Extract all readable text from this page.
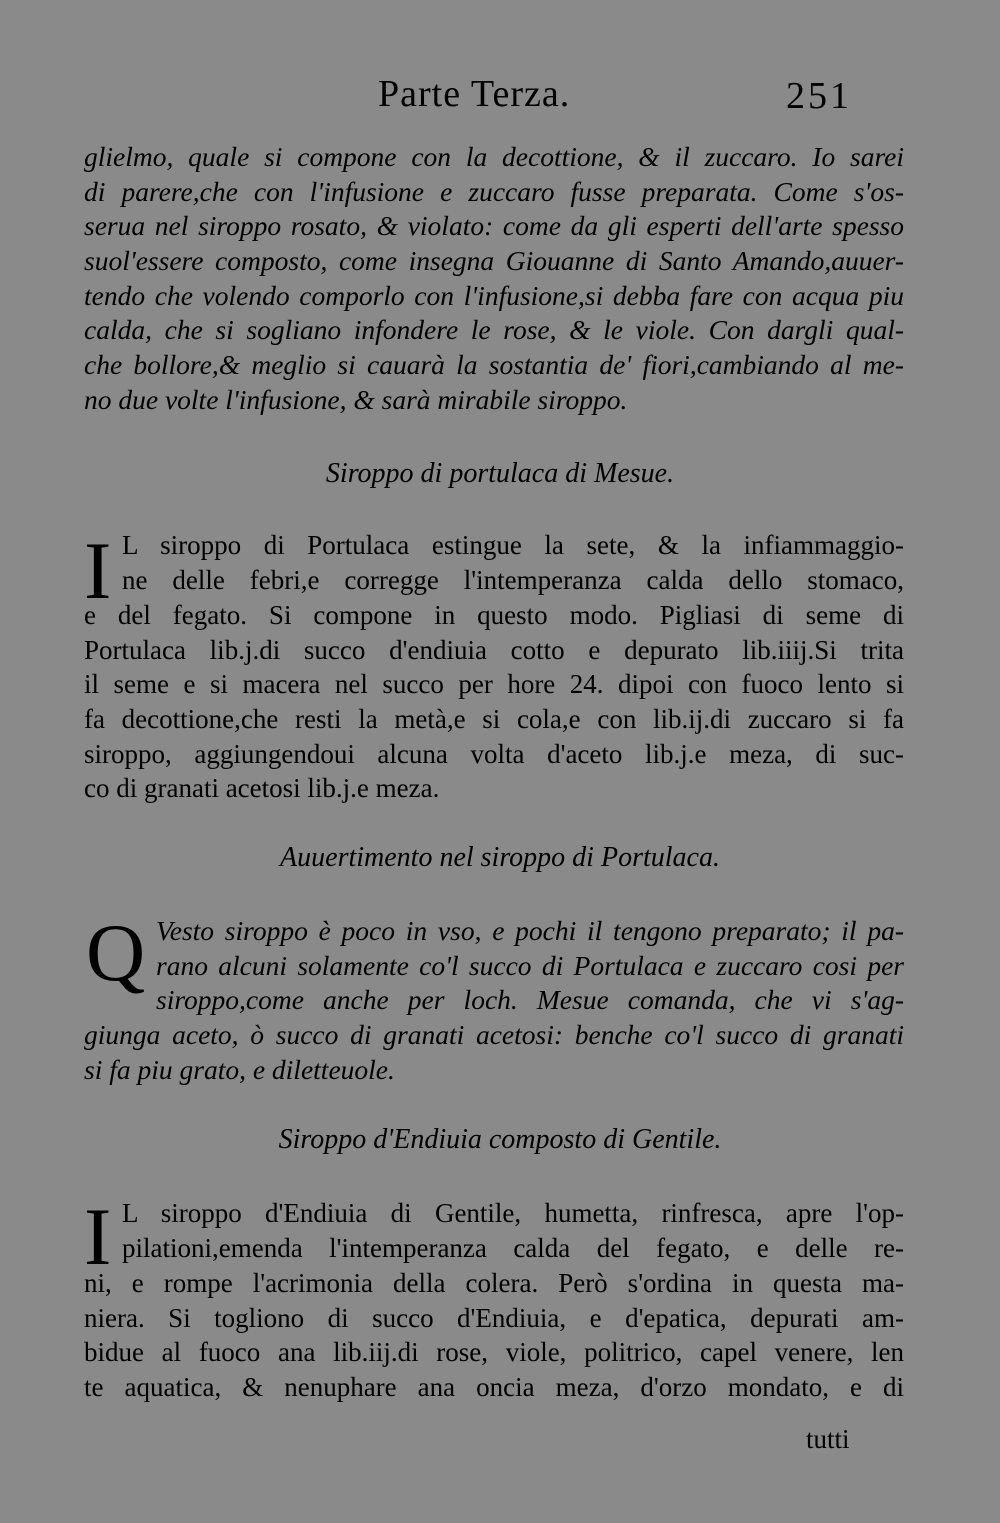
Parte Terza.	251
glielmo, quale si compone con la decottione, & il zuccaro. Io sarei
di parere,che con l'infusione e zuccaro fusse preparata. Come s'os-
serua nel siroppo rosato, & violato: come da gli esperti dell'arte spesso
suol'essere composto, come insegna Giouanne di Santo Amando,auuer-
tendo che volendo comporlo con l'infusione,si debba fare con acqua piu
calda, che si sogliano infondere le rose, & le viole. Con dargli qual-
che bollore,& meglio si cauarà la sostantia de' fiori,cambiando al me-
no due volte l'infusione, & sarà mirabile siroppo.
Siroppo di portulaca di Mesue.
I L siroppo di Portulaca estingue la sete, & la infiammaggio-
ne delle febri,e corregge l'intemperanza calda dello stomaco,
e del fegato. Si compone in questo modo. Pigliasi di seme di
Portulaca lib.j.di succo d'endiuia cotto e depurato lib.iiij.Si trita
il seme e si macera nel succo per hore 24. dipoi con fuoco lento si
fa decottione,che resti la metà,e si cola,e con lib.ij.di zuccaro si fa
siroppo, aggiungendoui alcuna volta d'aceto lib.j.e meza, di suc-
co di granati acetosi lib.j.e meza.
Auuertimento nel siroppo di Portulaca.
Q Vesto siroppo è poco in vso, e pochi il tengono preparato; il pa-
rano alcuni solamente co'l succo di Portulaca e zuccaro cosi per
siroppo,come anche per loch. Mesue comanda, che vi s'ag-
giunga aceto, ò succo di granati acetosi: benche co'l succo di granati
si fa piu grato, e diletteuole.
Siroppo d'Endiuia composto di Gentile.
I L siroppo d'Endiuia di Gentile, humetta, rinfresca, apre l'op-
pilationi,emenda l'intemperanza calda del fegato, e delle re-
ni, e rompe l'acrimonia della colera. Però s'ordina in questa ma-
niera. Si togliono di succo d'Endiuia, e d'epatica, depurati am-
bidue al fuoco ana lib.iij.di rose, viole, politrico, capel venere, len
te aquatica, & nenuphare ana oncia meza, d'orzo mondato, e di
tutti
